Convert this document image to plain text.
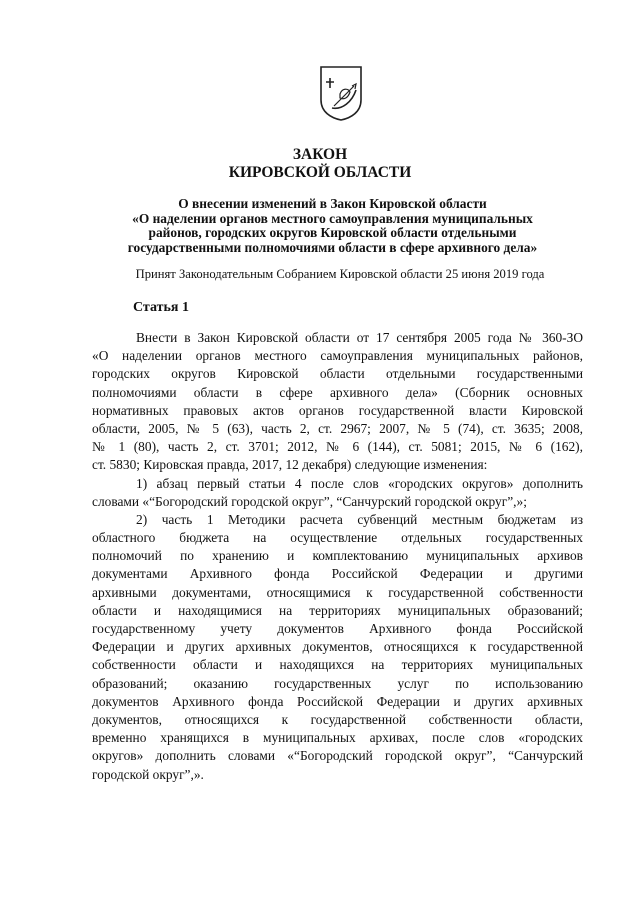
ЗАКОН
КИРОВСКОЙ ОБЛАСТИ
О внесении изменений в Закон Кировской области
«О наделении органов местного самоуправления муниципальных
районов, городских округов Кировской области отдельными
государственными полномочиями области в сфере архивного дела»
Принят Законодательным Собранием Кировской области 25 июня 2019 года
Статья 1
Внести в Закон Кировской области от 17 сентября 2005 года № 360-ЗО
«О наделении органов местного самоуправления муниципальных районов,
городских округов Кировской области отдельными государственными
полномочиями области в сфере архивного дела» (Сборник основных
нормативных правовых актов органов государственной власти Кировской
области, 2005, № 5 (63), часть 2, ст. 2967; 2007, № 5 (74), ст. 3635; 2008,
№ 1 (80), часть 2, ст. 3701; 2012, № 6 (144), ст. 5081; 2015, № 6 (162),
ст. 5830; Кировская правда, 2017, 12 декабря) следующие изменения:
1) абзац первый статьи 4 после слов «городских округов» дополнить
словами «“Богородский городской округ”, “Санчурский городской округ”,»;
2) часть 1 Методики расчета субвенций местным бюджетам из
областного бюджета на осуществление отдельных государственных
полномочий по хранению и комплектованию муниципальных архивов
документами Архивного фонда Российской Федерации и другими
архивными документами, относящимися к государственной собственности
области и находящимися на территориях муниципальных образований;
государственному учету документов Архивного фонда Российской
Федерации и других архивных документов, относящихся к государственной
собственности области и находящихся на территориях муниципальных
образований; оказанию государственных услуг по использованию
документов Архивного фонда Российской Федерации и других архивных
документов, относящихся к государственной собственности области,
временно хранящихся в муниципальных архивах, после слов «городских
округов» дополнить словами «“Богородский городской округ”, “Санчурский
городской округ”,».
